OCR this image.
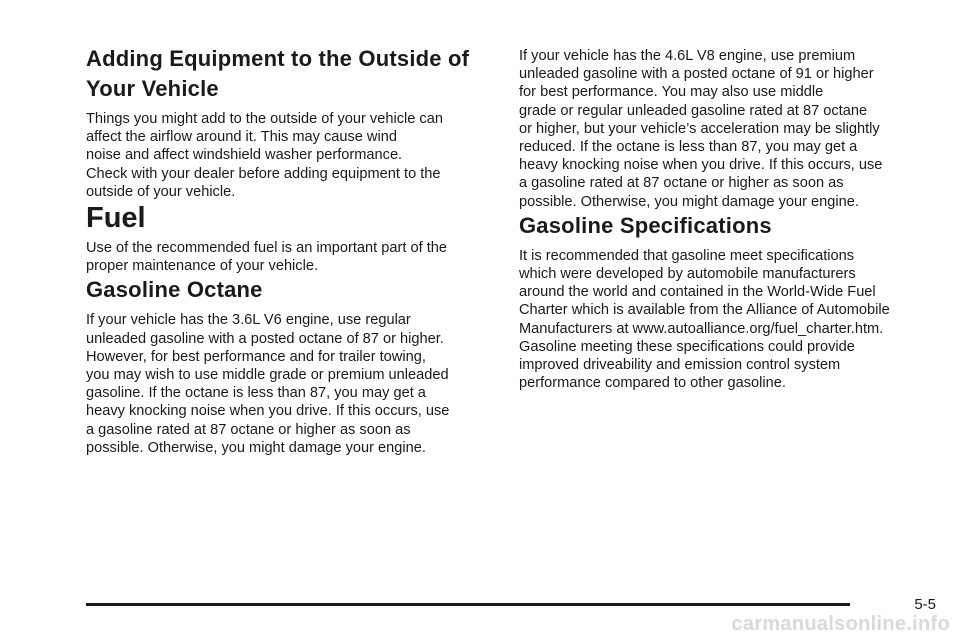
Adding Equipment to the Outside of
Your Vehicle

Things you might add to the outside of your vehicle can
affect the airflow around it. This may cause wind
noise and affect windshield washer performance.
Check with your dealer before adding equipment to the
outside of your vehicle.

Fuel

Use of the recommended fuel is an important part of the
proper maintenance of your vehicle.

Gasoline Octane

If your vehicle has the 3.6L V6 engine, use regular
unleaded gasoline with a posted octane of 87 or higher.
However, for best performance and for trailer towing,
you may wish to use middle grade or premium unleaded
gasoline. If the octane is less than 87, you may get a
heavy knocking noise when you drive. If this occurs, use
a gasoline rated at 87 octane or higher as soon as
possible. Otherwise, you might damage your engine.

If your vehicle has the 4.6L V8 engine, use premium
unleaded gasoline with a posted octane of 91 or higher
for best performance. You may also use middle
grade or regular unleaded gasoline rated at 87 octane
or higher, but your vehicle’s acceleration may be slightly
reduced. If the octane is less than 87, you may get a
heavy knocking noise when you drive. If this occurs, use
a gasoline rated at 87 octane or higher as soon as
possible. Otherwise, you might damage your engine.

Gasoline Specifications

It is recommended that gasoline meet specifications
which were developed by automobile manufacturers
around the world and contained in the World-Wide Fuel
Charter which is available from the Alliance of Automobile
Manufacturers at www.autoalliance.org/fuel_charter.htm.
Gasoline meeting these specifications could provide
improved driveability and emission control system
performance compared to other gasoline.

5-5
carmanualsonline.info
